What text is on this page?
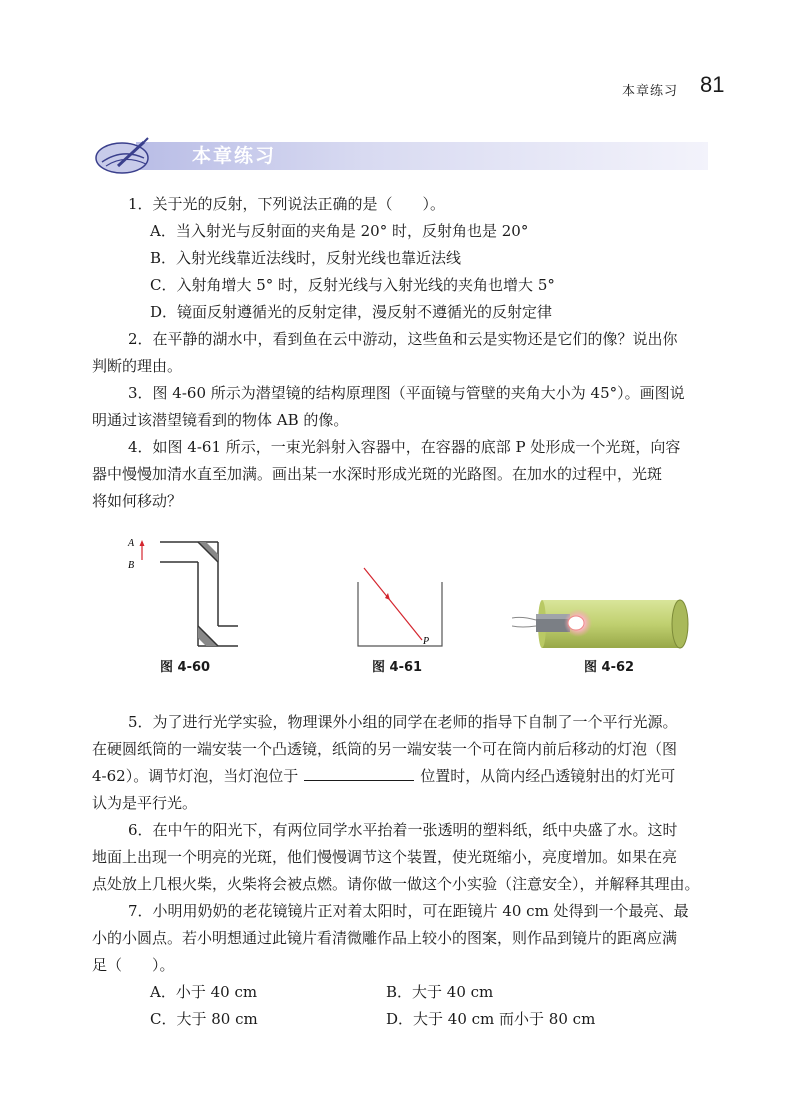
本章练习 81
本章练习
1．关于光的反射，下列说法正确的是（　　）。
A．当入射光与反射面的夹角是 20° 时，反射角也是 20°
B．入射光线靠近法线时，反射光线也靠近法线
C．入射角增大 5° 时，反射光线与入射光线的夹角也增大 5°
D．镜面反射遵循光的反射定律，漫反射不遵循光的反射定律
2．在平静的湖水中，看到鱼在云中游动，这些鱼和云是实物还是它们的像？说出你
判断的理由。
3．图 4-60 所示为潜望镜的结构原理图（平面镜与管壁的夹角大小为 45°）。画图说
明通过该潜望镜看到的物体 AB 的像。
4．如图 4-61 所示，一束光斜射入容器中，在容器的底部 P 处形成一个光斑，向容
器中慢慢加清水直至加满。画出某一水深时形成光斑的光路图。在加水的过程中，光斑
将如何移动？
A
B
图 4-60
P
图 4-61	图 4-62
5．为了进行光学实验，物理课外小组的同学在老师的指导下自制了一个平行光源。
在硬圆纸筒的一端安装一个凸透镜，纸筒的另一端安装一个可在筒内前后移动的灯泡（图
4-62）。调节灯泡，当灯泡位于	位置时，从筒内经凸透镜射出的灯光可
认为是平行光。
6．在中午的阳光下，有两位同学水平抬着一张透明的塑料纸，纸中央盛了水。这时
地面上出现一个明亮的光斑，他们慢慢调节这个装置，使光斑缩小，亮度增加。如果在亮
点处放上几根火柴，火柴将会被点燃。请你做一做这个小实验（注意安全），并解释其理由。
7．小明用奶奶的老花镜镜片正对着太阳时，可在距镜片 40 cm 处得到一个最亮、最
小的小圆点。若小明想通过此镜片看清微雕作品上较小的图案，则作品到镜片的距离应满
足（　　）。
A．小于 40 cm	B．大于 40 cm
C．大于 80 cm	D．大于 40 cm 而小于 80 cm
